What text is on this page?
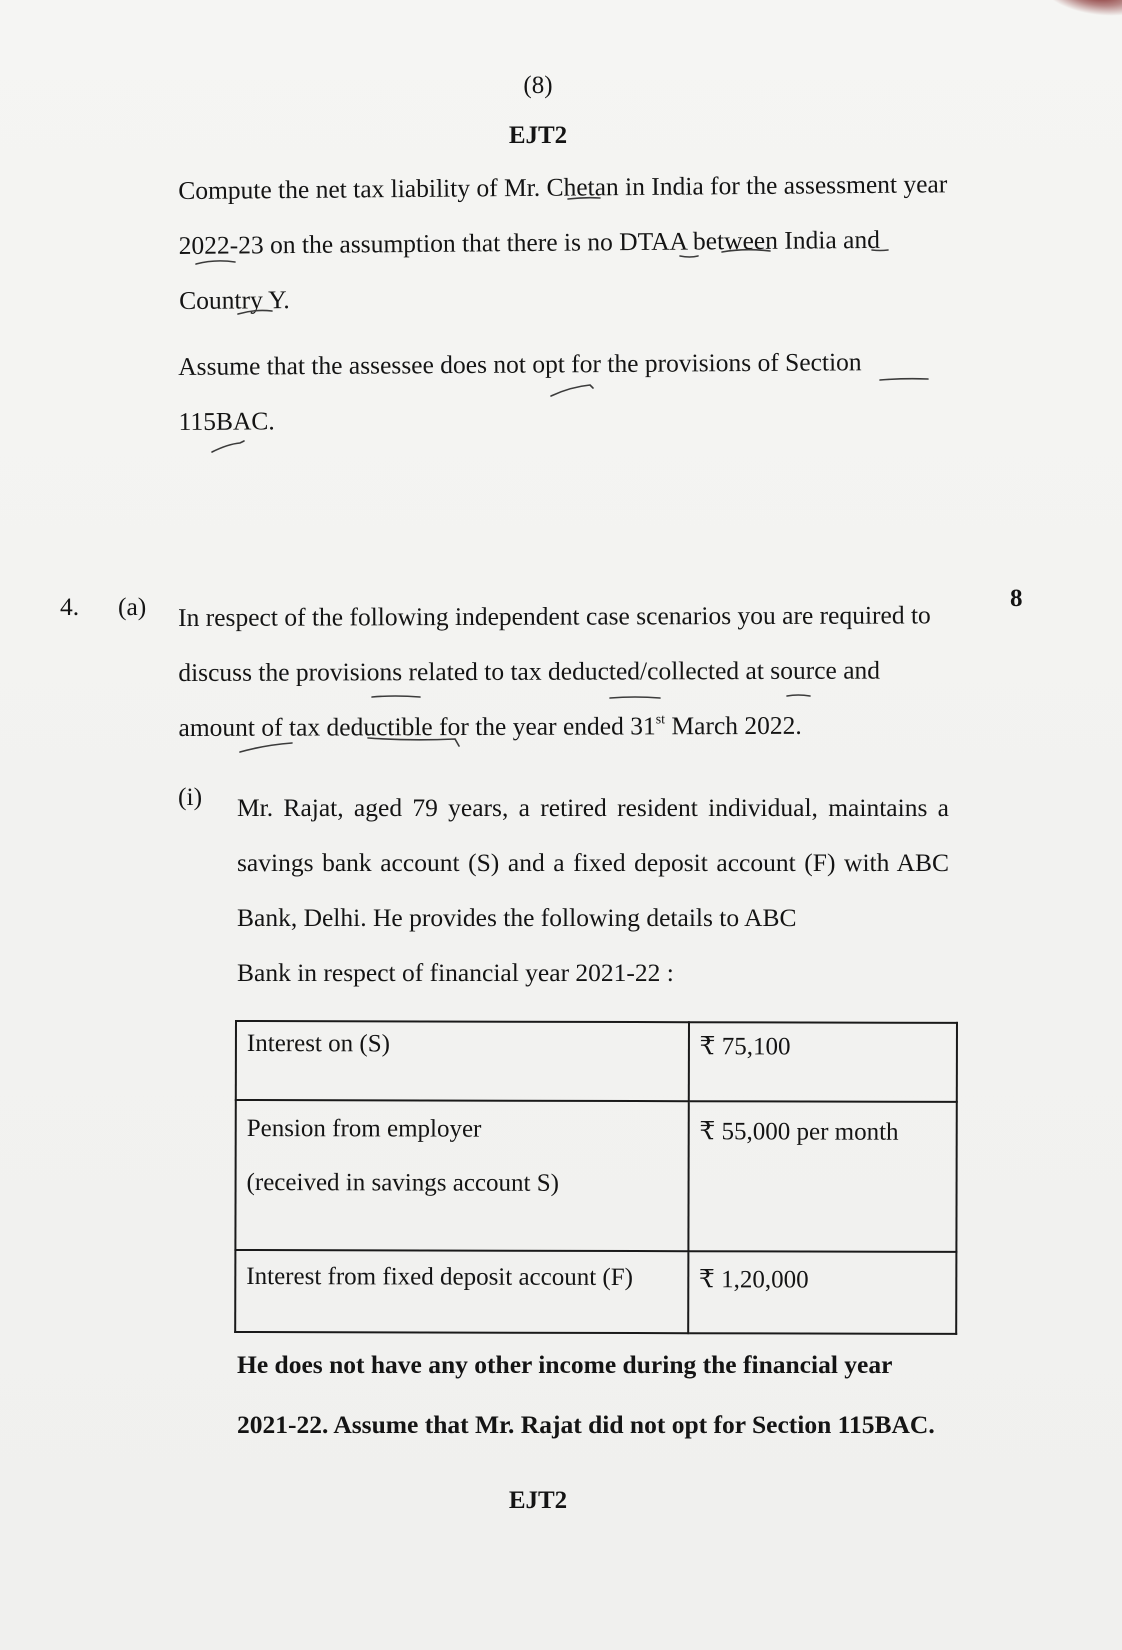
(8)
EJT2
Compute the net tax liability of Mr. Chetan in India for the assessment year 2022-23 on the assumption that there is no DTAA between India and Country Y.
Assume that the assessee does not opt for the provisions of Section 115BAC.
4. (a)	8
In respect of the following independent case scenarios you are required to discuss the provisions related to tax deducted/collected at source and amount of tax deductible for the year ended 31st March 2022.
(i) Mr. Rajat, aged 79 years, a retired resident individual, maintains a savings bank account (S) and a fixed deposit account (F) with ABC Bank, Delhi. He provides the following details to ABC
Bank in respect of financial year 2021-22 :
Interest on (S)	₹ 75,100
Pension from employer
(received in savings account S)	₹ 55,000 per month
Interest from fixed deposit account (F)	₹ 1,20,000
He does not have any other income during the financial year
2021-22. Assume that Mr. Rajat did not opt for Section 115BAC.
EJT2
